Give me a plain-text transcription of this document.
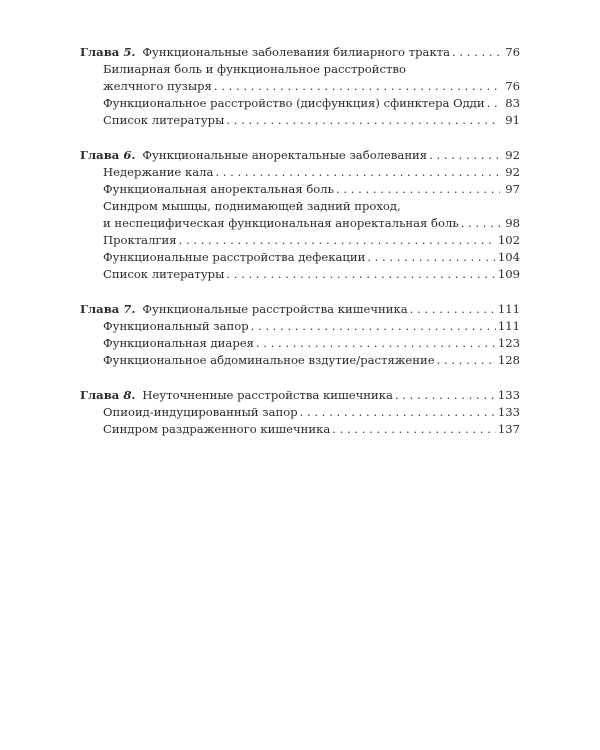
Глава 5. Функциональные заболевания билиарного тракта . . .	76
Билиарная боль и функциональное расстройство
желчного пузыря . . .	76
Функциональное расстройство (дисфункция) сфинктера Одди . . . 83
Список литературы . . .	91
Глава 6. Функциональные аноректальные заболевания . . .	92
Недержание кала . . .	92
Функциональная аноректальная боль . . .	97
Синдром мышцы, поднимающей задний проход,
и неспецифическая функциональная аноректальная боль . . .	98
Прокталгия . . .	102
Функциональные расстройства дефекации . . .	104
Список литературы . . .	109
Глава 7. Функциональные расстройства кишечника . . .	111
Функциональный запор . . .	111
Функциональная диарея . . .	123
Функциональное абдоминальное вздутие/растяжение . . .	128
Глава 8. Неуточненные расстройства кишечника . . .	133
Опиоид-индуцированный запор . . .	133
Синдром раздраженного кишечника . . .	137
